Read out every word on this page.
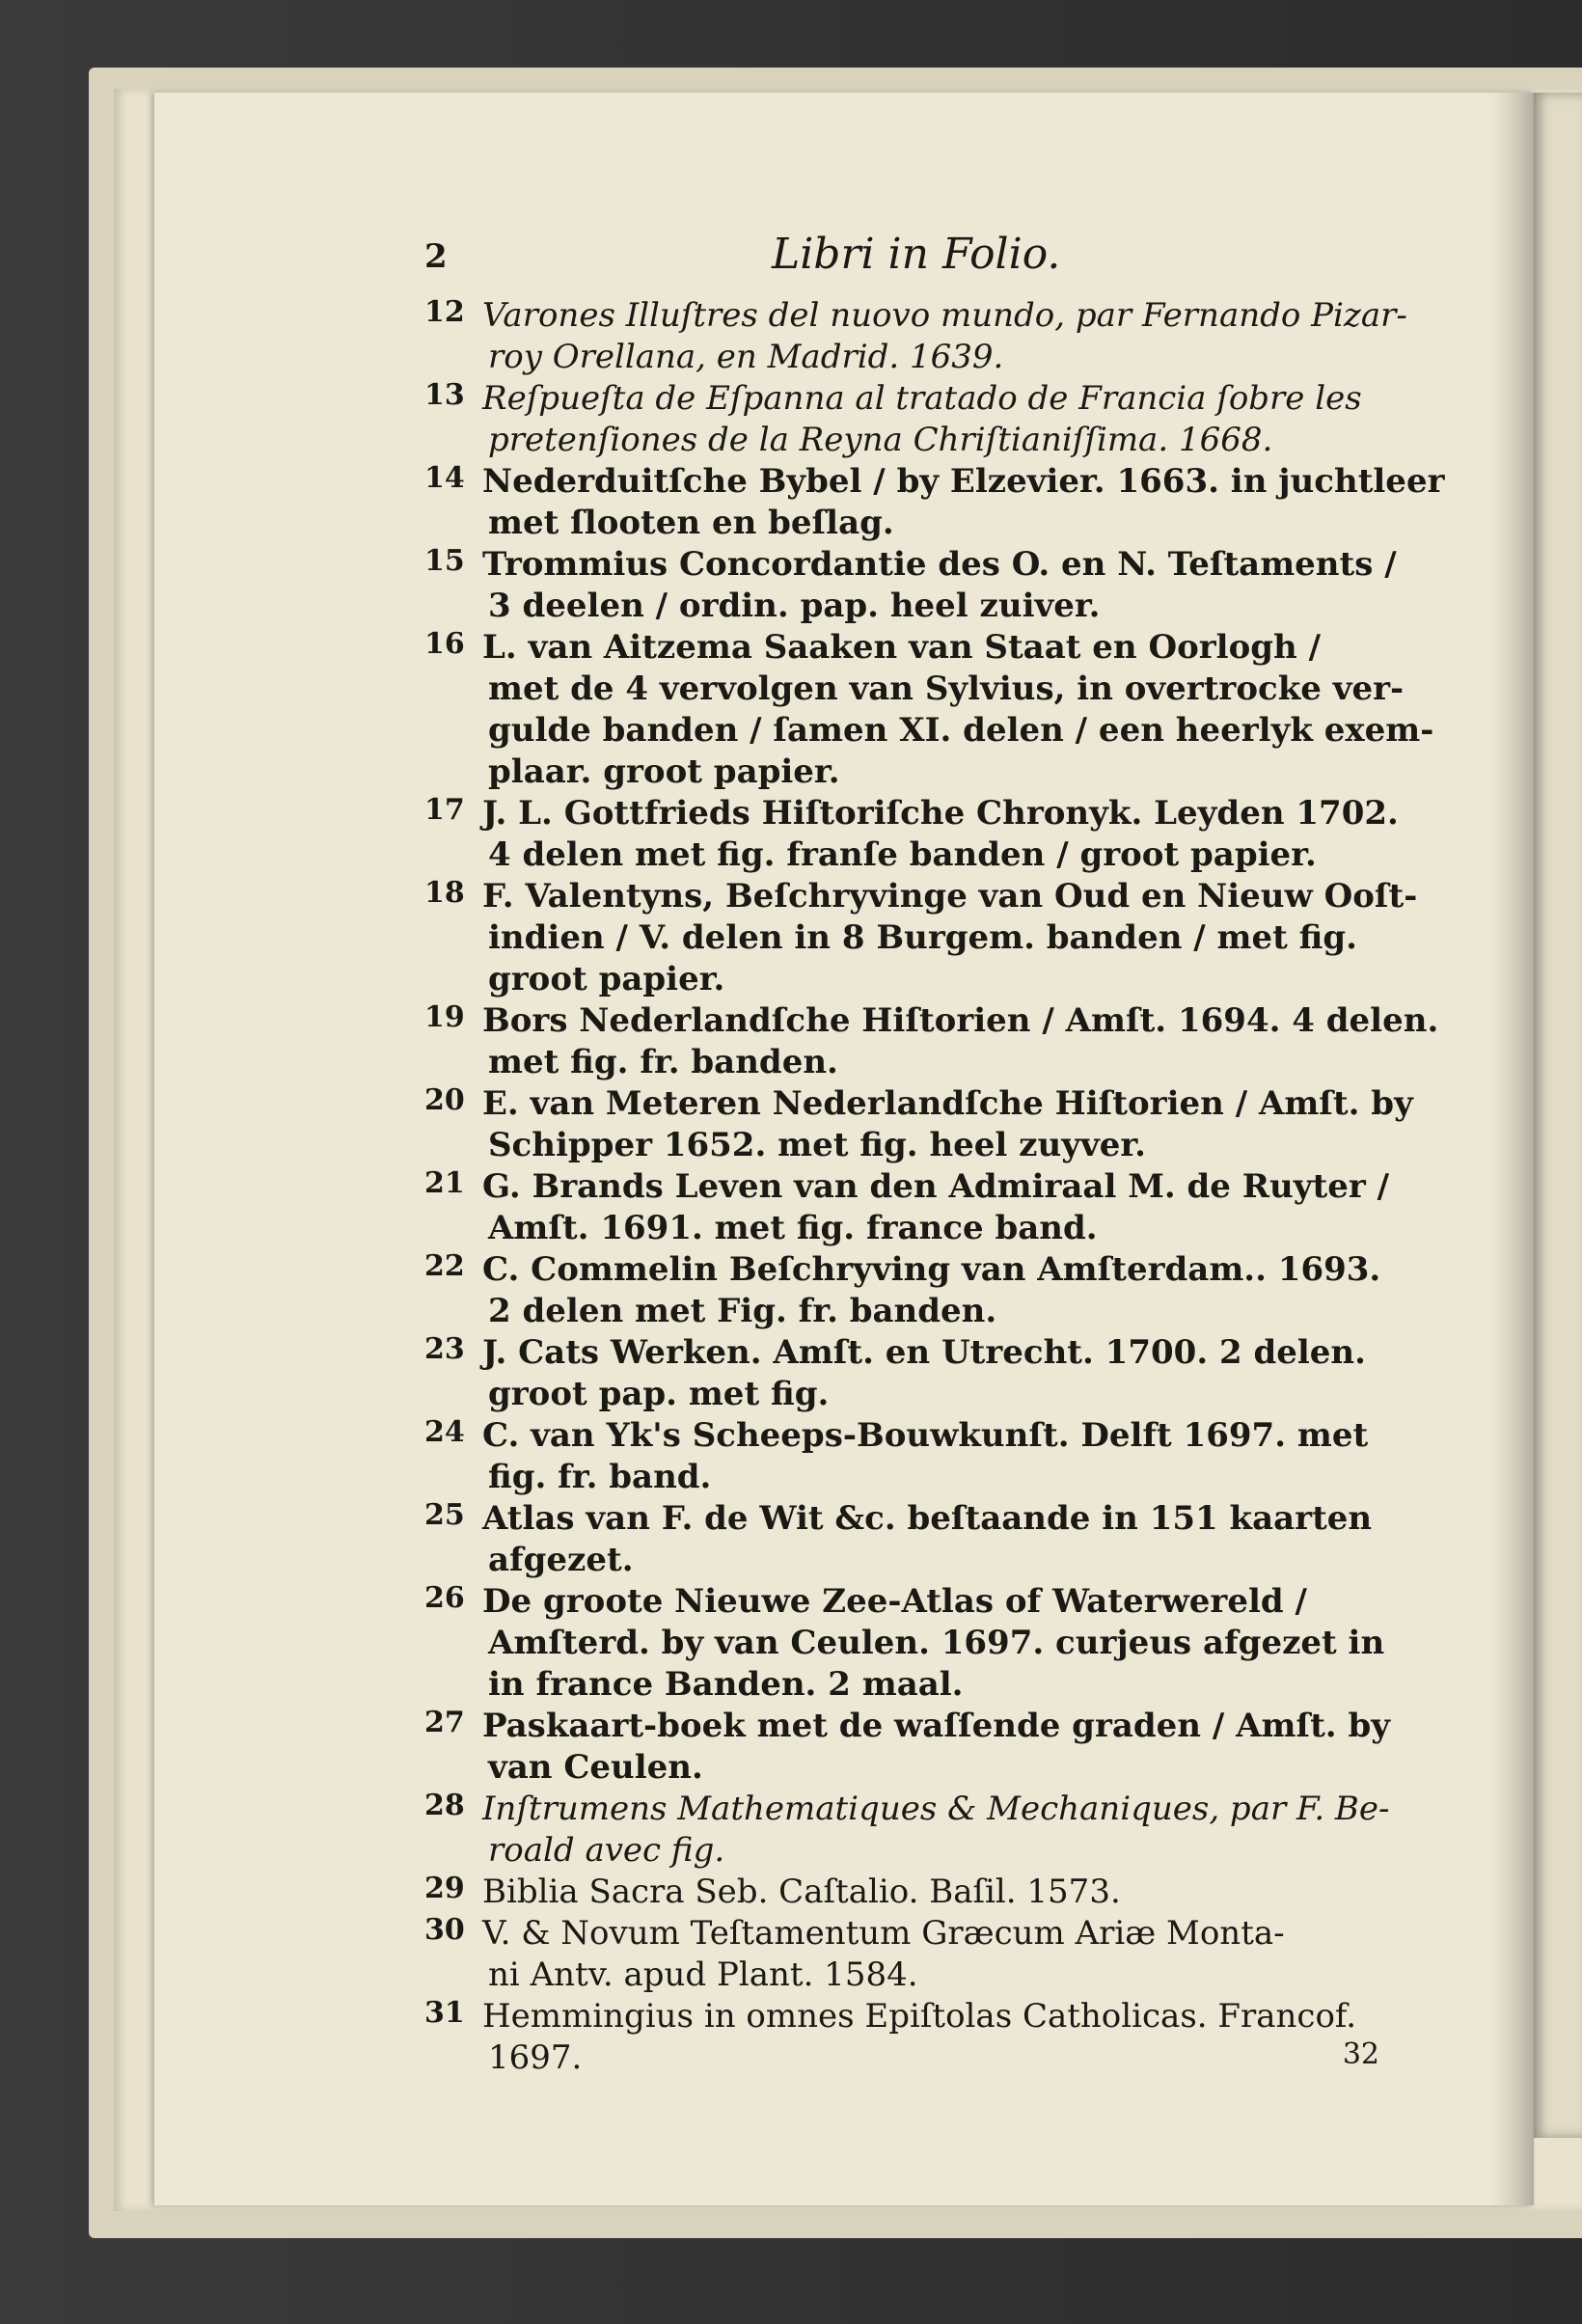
2	Libri in Folio.
12 Varones Illuſtres del nuovo mundo, par Fernando Pizar-
roy Orellana, en Madrid. 1639.
13 Reſpueſta de Eſpanna al tratado de Francia ſobre les
pretenſiones de la Reyna Chriſtianiſſima. 1668.
14 Nederduitſche Bybel / by Elzevier. 1663. in juchtleer
met ſlooten en beſlag.
15 Trommius Concordantie des O. en N. Teſtaments /
3 deelen / ordin. pap. heel zuiver.
16 L. van Aitzema Saaken van Staat en Oorlogh /
met de 4 vervolgen van Sylvius, in overtrocke ver-
gulde banden / ſamen XI. delen / een heerlyk exem-
plaar. groot papier.
17 J. L. Gottfrieds Hiſtoriſche Chronyk. Leyden 1702.
4 delen met fig. franſe banden / groot papier.
18 F. Valentyns, Beſchryvinge van Oud en Nieuw Ooſt-
indien / V. delen in 8 Burgem. banden / met fig.
groot papier.
19 Bors Nederlandſche Hiſtorien / Amſt. 1694. 4 delen.
met fig. fr. banden.
20 E. van Meteren Nederlandſche Hiſtorien / Amſt. by
Schipper 1652. met fig. heel zuyver.
21 G. Brands Leven van den Admiraal M. de Ruyter /
Amſt. 1691. met fig. france band.
22 C. Commelin Beſchryving van Amſterdam.. 1693.
2 delen met Fig. fr. banden.
23 J. Cats Werken. Amſt. en Utrecht. 1700. 2 delen.
groot pap. met fig.
24 C. van Yk's Scheeps-Bouwkunſt. Delft 1697. met
fig. fr. band.
25 Atlas van F. de Wit &c. beſtaande in 151 kaarten
afgezet.
26 De groote Nieuwe Zee-Atlas of Waterwereld /
Amſterd. by van Ceulen. 1697. curjeus afgezet in
in france Banden. 2 maal.
27 Paskaart-boek met de waſſende graden / Amſt. by
van Ceulen.
28 Inſtrumens Mathematiques & Mechaniques, par F. Be-
roald avec fig.
29 Biblia Sacra Seb. Caſtalio. Baſil. 1573.
30 V. & Novum Teſtamentum Græcum Ariæ Monta-
ni Antv. apud Plant. 1584.
31 Hemmingius in omnes Epiſtolas Catholicas. Francof.
1697.	32
